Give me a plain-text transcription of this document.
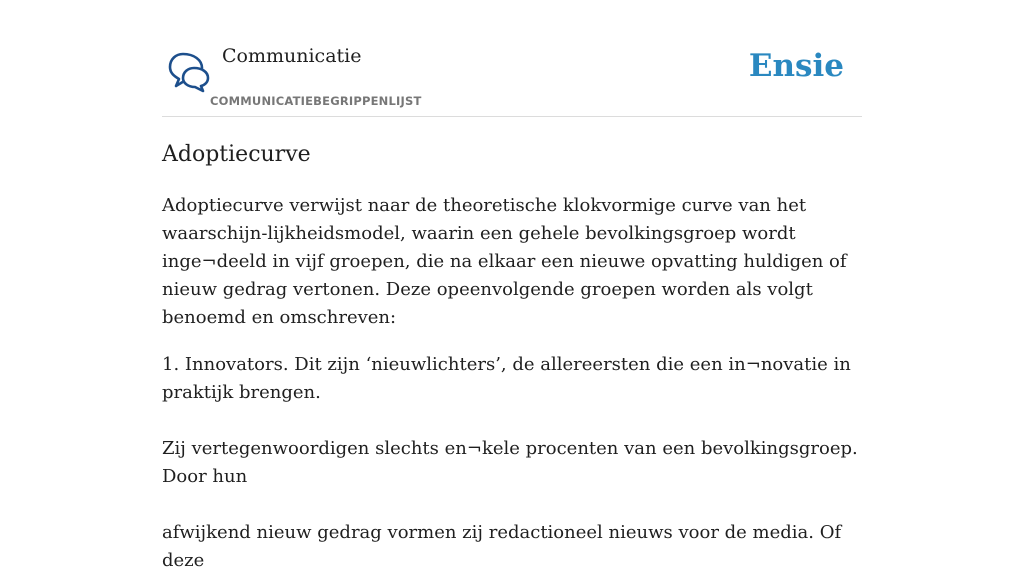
Communicatie
COMMUNICATIEBEGRIPPENLIJST
Ensie
Adoptiecurve

Adoptiecurve verwijst naar de theoretische klokvormige curve van het waarschijn-lijkheidsmodel, waarin een gehele bevolkingsgroep wordt inge¬deeld in vijf groepen, die na elkaar een nieuwe opvatting huldigen of nieuw gedrag vertonen. Deze opeenvolgende groepen worden als volgt benoemd en omschreven:

1. Innovators. Dit zijn ‘nieuwlichters’, de allereersten die een in¬novatie in praktijk brengen.

Zij vertegenwoordigen slechts en¬kele procenten van een bevolkingsgroep. Door hun

afwijkend nieuw gedrag vormen zij redactioneel nieuws voor de media. Of deze
